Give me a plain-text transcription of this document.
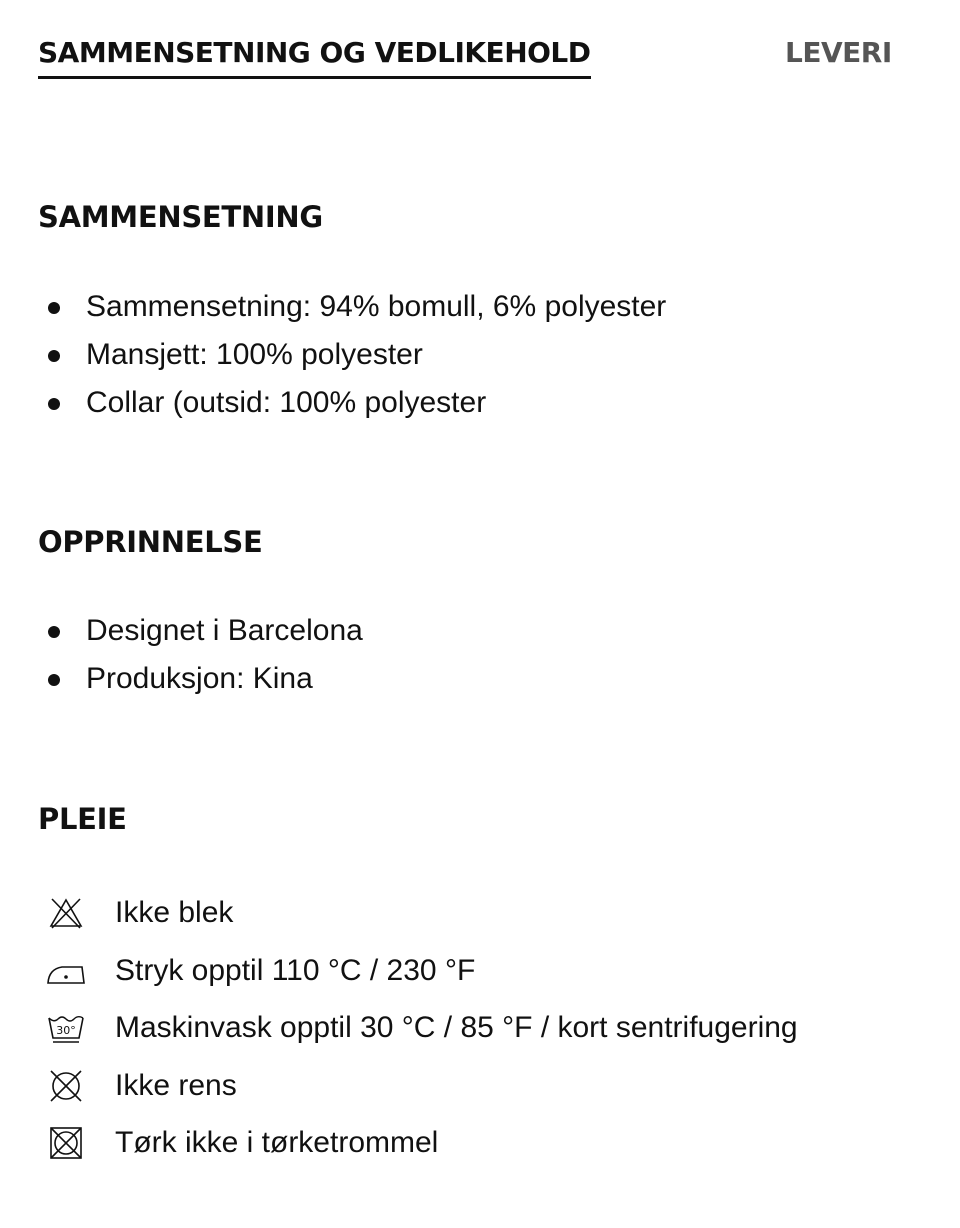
SAMMENSETNING OG VEDLIKEHOLD	LEVERI
SAMMENSETNING
Sammensetning: 94% bomull, 6% polyester
Mansjett: 100% polyester
Collar (outsid: 100% polyester
OPPRINNELSE
Designet i Barcelona
Produksjon: Kina
PLEIE
Ikke blek
Stryk opptil 110 °C / 230 °F
30° Maskinvask opptil 30 °C / 85 °F / kort sentrifugering
Ikke rens
Tørk ikke i tørketrommel
